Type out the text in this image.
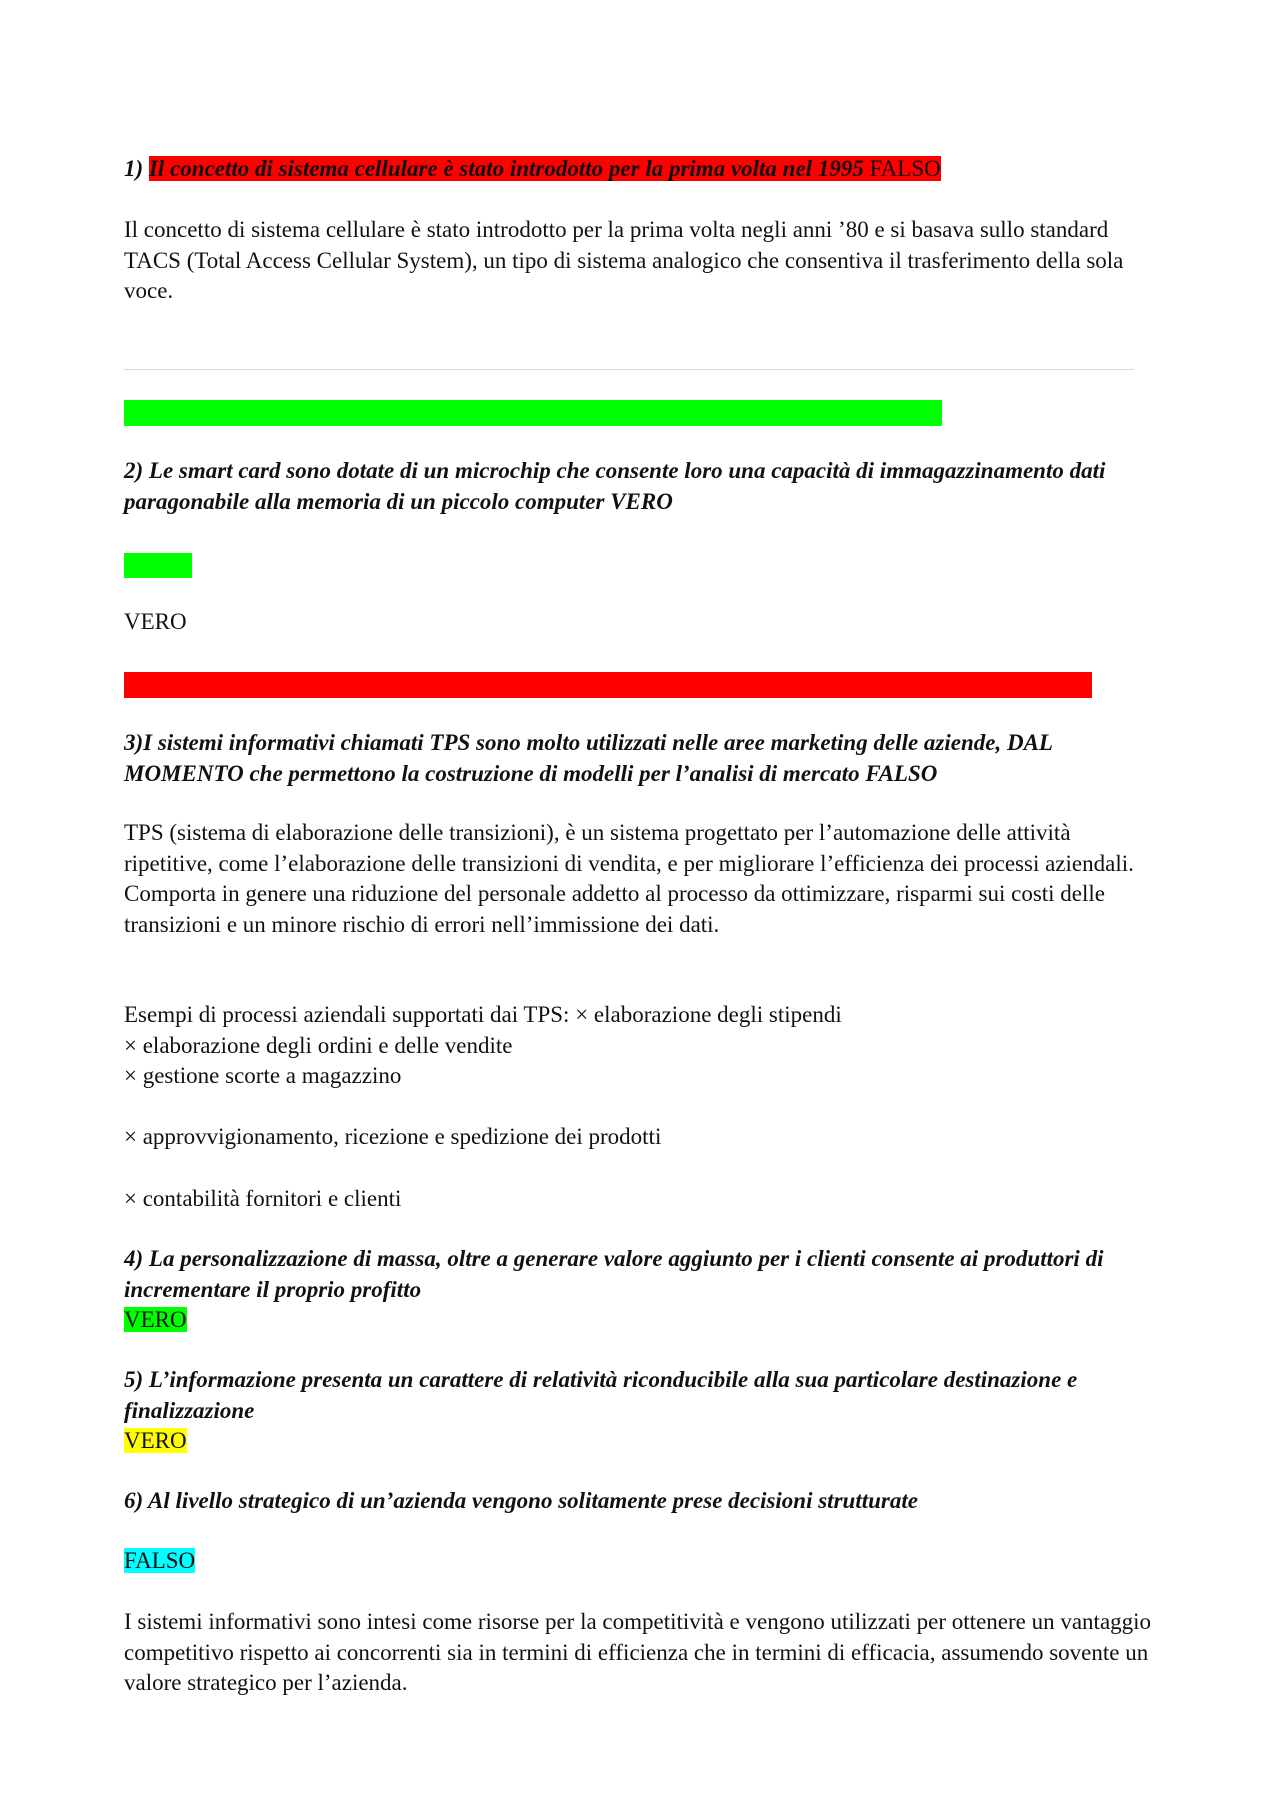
1) Il concetto di sistema cellulare è stato introdotto per la prima volta nel 1995 FALSO
Il concetto di sistema cellulare è stato introdotto per la prima volta negli anni ’80 e si basava sullo standard TACS (Total Access Cellular System), un tipo di sistema analogico che consentiva il trasferimento della sola voce.
2) Le smart card sono dotate di un microchip che consente loro una capacità di immagazzinamento dati paragonabile alla memoria di un piccolo computer VERO
VERO
3)I sistemi informativi chiamati TPS sono molto utilizzati nelle aree marketing delle aziende, DAL MOMENTO che permettono la costruzione di modelli per l’analisi di mercato FALSO
TPS (sistema di elaborazione delle transizioni), è un sistema progettato per l’automazione delle attività ripetitive, come l’elaborazione delle transizioni di vendita, e per migliorare l’efficienza dei processi aziendali. Comporta in genere una riduzione del personale addetto al processo da ottimizzare, risparmi sui costi delle transizioni e un minore rischio di errori nell’immissione dei dati.
Esempi di processi aziendali supportati dai TPS: × elaborazione degli stipendi
× elaborazione degli ordini e delle vendite
× gestione scorte a magazzino
× approvvigionamento, ricezione e spedizione dei prodotti
× contabilità fornitori e clienti
4) La personalizzazione di massa, oltre a generare valore aggiunto per i clienti consente ai produttori di incrementare il proprio profitto
VERO
5) L’informazione presenta un carattere di relatività riconducibile alla sua particolare destinazione e finalizzazione
VERO
6) Al livello strategico di un’azienda vengono solitamente prese decisioni strutturate
FALSO
I sistemi informativi sono intesi come risorse per la competitività e vengono utilizzati per ottenere un vantaggio competitivo rispetto ai concorrenti sia in termini di efficienza che in termini di efficacia, assumendo sovente un valore strategico per l’azienda.
